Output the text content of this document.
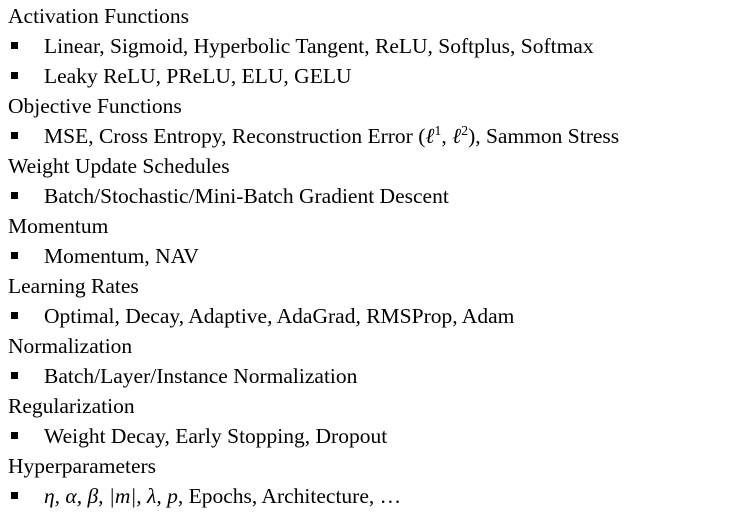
Activation Functions
Linear, Sigmoid, Hyperbolic Tangent, ReLU, Softplus, Softmax
Leaky ReLU, PReLU, ELU, GELU
Objective Functions
MSE, Cross Entropy, Reconstruction Error (ℓ$^1$, ℓ$^2$), Sammon Stress
Weight Update Schedules
Batch/Stochastic/Mini-Batch Gradient Descent
Momentum
Momentum, NAV
Learning Rates
Optimal, Decay, Adaptive, AdaGrad, RMSProp, Adam
Normalization
Batch/Layer/Instance Normalization
Regularization
Weight Decay, Early Stopping, Dropout
Hyperparameters
η, α, β, |m|, λ, p, Epochs, Architecture, …
